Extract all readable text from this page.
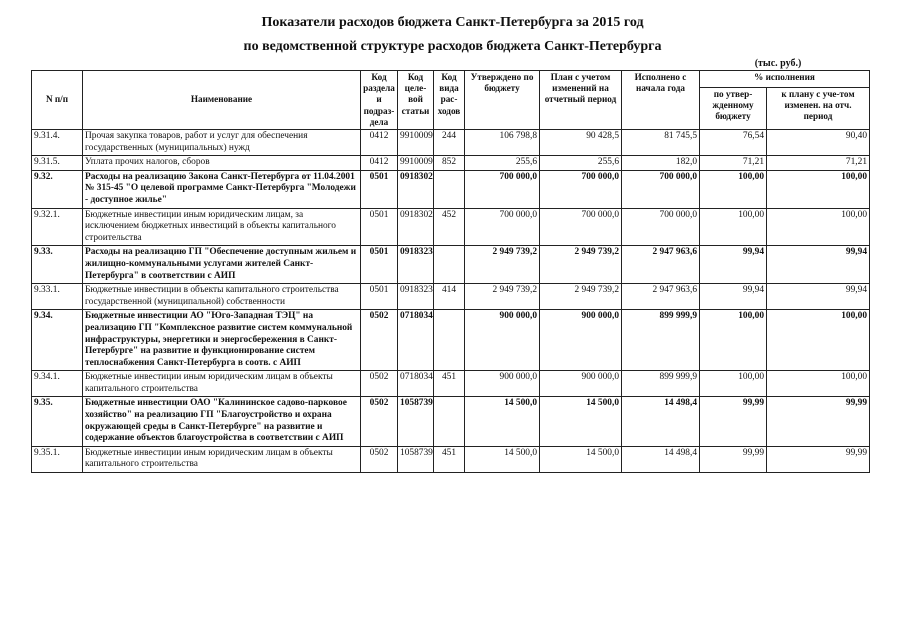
Показатели расходов бюджета Санкт-Петербурга за 2015 год
по ведомственной структуре расходов бюджета Санкт-Петербурга
(тыс. руб.)
N п/п	Наименование	Код раздела и подраз-дела	Код целе-вой статьи	Код вида рас-ходов	Утверждено по бюджету	План с учетом изменений на отчетный период	Исполнено с начала года	% исполнения	
								по утвер-жденному бюджету	к плану с уче-том изменен. на отч. период
9.31.4.	Прочая закупка товаров, работ и услуг для обеспечения государственных (муниципальных) нужд	0412	9910009	244	106 798,8	90 428,5	81 745,5	76,54	90,40
9.31.5.	Уплата прочих налогов, сборов	0412	9910009	852	255,6	255,6	182,0	71,21	71,21
9.32.	Расходы на реализацию Закона Санкт-Петербурга от 11.04.2001 № 315-45 "О целевой программе Санкт-Петербурга "Молодежи - доступное жилье"	0501	0918302		700 000,0	700 000,0	700 000,0	100,00	100,00
9.32.1.	Бюджетные инвестиции иным юридическим лицам, за исключением бюджетных инвестиций в объекты капитального строительства	0501	0918302	452	700 000,0	700 000,0	700 000,0	100,00	100,00
9.33.	Расходы на реализацию ГП "Обеспечение доступным жильем и жилищно-коммунальными услугами жителей Санкт-Петербурга" в соответствии с АИП	0501	0918323		2 949 739,2	2 949 739,2	2 947 963,6	99,94	99,94
9.33.1.	Бюджетные инвестиции в объекты капитального строительства государственной (муниципальной) собственности	0501	0918323	414	2 949 739,2	2 949 739,2	2 947 963,6	99,94	99,94
9.34.	Бюджетные инвестиции АО "Юго-Западная ТЭЦ" на реализацию ГП "Комплексное развитие систем коммунальной инфраструктуры, энергетики и энергосбережения в Санкт-Петербурге" на развитие и функционирование систем теплоснабжения Санкт-Петербурга в соотв. с АИП	0502	0718034		900 000,0	900 000,0	899 999,9	100,00	100,00
9.34.1.	Бюджетные инвестиции иным юридическим лицам в объекты капитального строительства	0502	0718034	451	900 000,0	900 000,0	899 999,9	100,00	100,00
9.35.	Бюджетные инвестиции ОАО "Калининское садово-парковое хозяйство" на реализацию ГП "Благоустройство и охрана окружающей среды в Санкт-Петербурге" на развитие и содержание объектов благоустройства в соответствии с АИП	0502	1058739		14 500,0	14 500,0	14 498,4	99,99	99,99
9.35.1.	Бюджетные инвестиции иным юридическим лицам в объекты капитального строительства	0502	1058739	451	14 500,0	14 500,0	14 498,4	99,99	99,99
